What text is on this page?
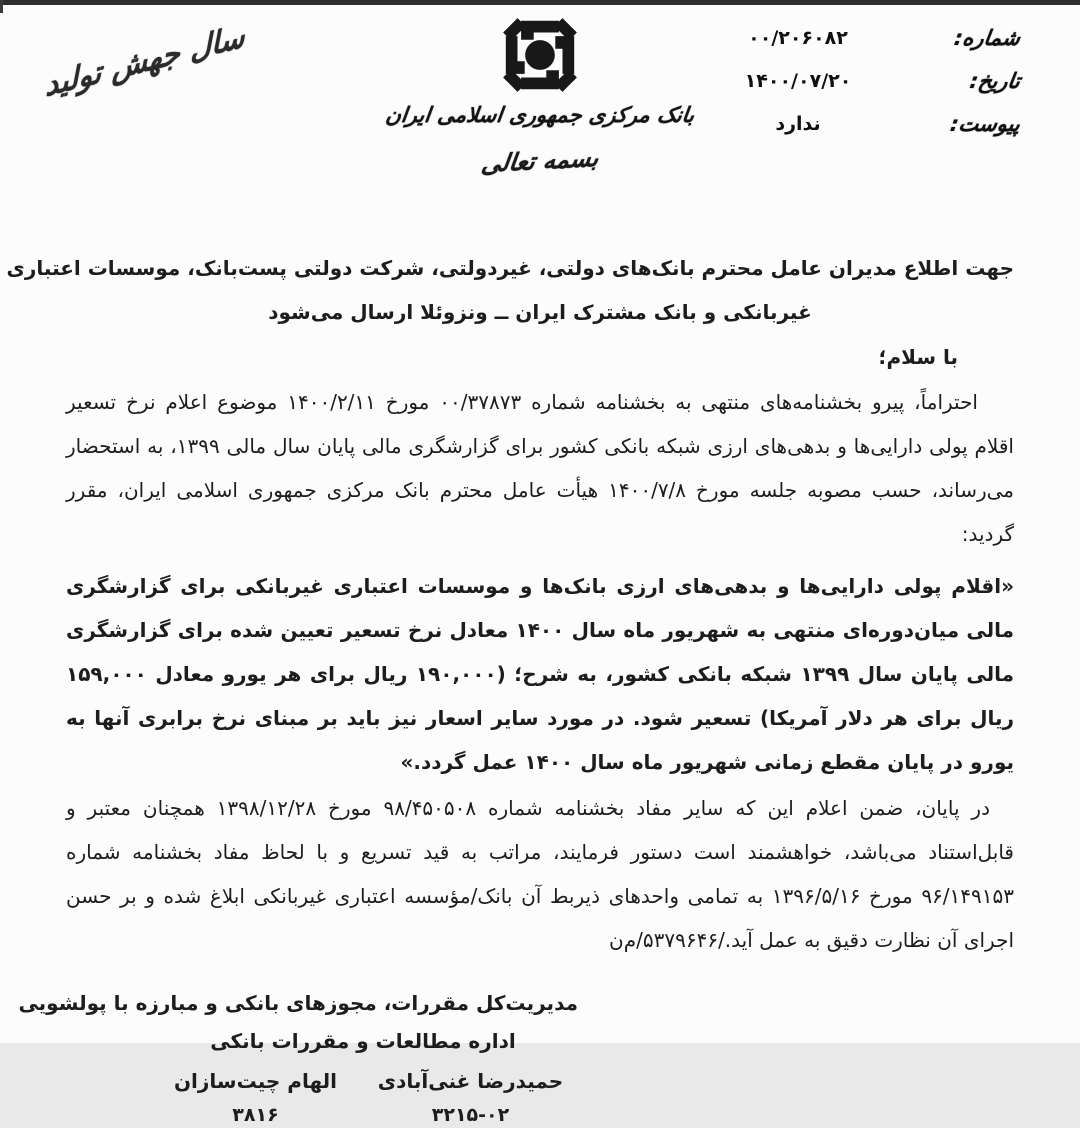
سال جهش تولید
بانک مرکزی جمهوری اسلامی ایران
بسمه تعالی
شماره:
۰۰/۲۰۶۰۸۲
تاریخ:
۱۴۰۰/۰۷/۲۰
پیوست:
ندارد
جهت اطلاع مدیران عامل محترم بانک‌های دولتی، غیردولتی، شرکت دولتی پست‌بانک، موسسات اعتباری
غیربانکی و بانک مشترک ایران ــ ونزوئلا ارسال می‌شود
با سلام؛

احتراماً، پیرو بخشنامه‌های منتهی به بخشنامه شماره ۰۰/۳۷۸۷۳ مورخ ۱۴۰۰/۲/۱۱ موضوع اعلام نرخ تسعیر اقلام پولی دارایی‌ها و بدهی‌های ارزی شبکه بانکی کشور برای گزارشگری مالی پایان سال مالی ۱۳۹۹، به استحضار می‌رساند، حسب مصوبه جلسه مورخ ۱۴۰۰/۷/۸ هیأت عامل محترم بانک مرکزی جمهوری اسلامی ایران، مقرر گردید:

«اقلام پولی دارایی‌ها و بدهی‌های ارزی بانک‌ها و موسسات اعتباری غیربانکی برای گزارشگری مالی میان‌دوره‌ای منتهی به شهریور ماه سال ۱۴۰۰ معادل نرخ تسعیر تعیین شده برای گزارشگری مالی پایان سال ۱۳۹۹ شبکه بانکی کشور، به شرح؛ (۱۹۰,۰۰۰ ریال برای هر یورو معادل ۱۵۹,۰۰۰ ریال برای هر دلار آمریکا) تسعیر شود. در مورد سایر اسعار نیز باید بر مبنای نرخ برابری آنها به یورو در پایان مقطع زمانی شهریور ماه سال ۱۴۰۰ عمل گردد.»

در پایان، ضمن اعلام این که سایر مفاد بخشنامه شماره ۹۸/۴۵۰۵۰۸ مورخ ۱۳۹۸/۱۲/۲۸ همچنان معتبر و قابل‌استناد می‌باشد، خواهشمند است دستور فرمایند، مراتب به قید تسریع و با لحاظ مفاد بخشنامه شماره ۹۶/۱۴۹۱۵۳ مورخ ۱۳۹۶/۵/۱۶ به تمامی واحدهای ذیربط آن بانک/مؤسسه اعتباری غیربانکی ابلاغ شده و بر حسن اجرای آن نظارت دقیق به عمل آید./۵۳۷۹۶۴۶/م‌ن

مدیریت‌کل مقررات، مجوزهای بانکی و مبارزه با پولشویی
اداره مطالعات و مقررات بانکی
حمیدرضا غنی‌آبادی
۳۲۱۵-۰۲
الهام چیت‌سازان
۳۸۱۶
